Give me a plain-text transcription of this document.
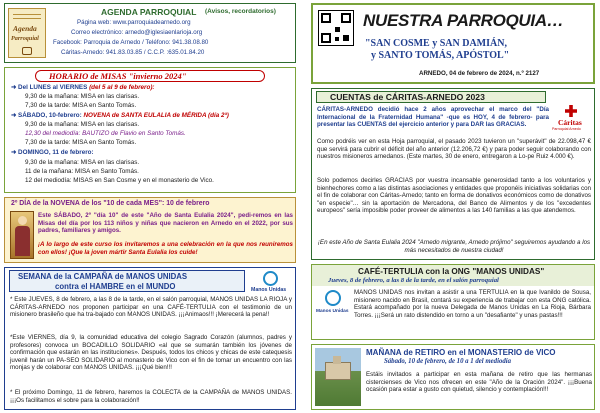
Agenda
Parroquial
AGENDA PARROQUIAL (Avisos, recordatorios)
Página web: www.parroquiadearnedo.org
Correo electrónico: arnedo@iglesiaenlarioja.org
Facebook: Parroquia de Arnedo / Teléfono: 941.38.08.80
Cáritas-Arnedo: 941.83.03.85 / C.C.P. :635.01.84.20
HORARIO de MISAS "invierno 2024"
➜ Del LUNES al VIERNES (del 5 al 9 de febrero):
9,30 de la mañana: MISA en las clarisas.
7,30 de la tarde: MISA en Santo Tomás.
➜ SÁBADO, 10-febrero: NOVENA de SANTA EULALIA de MÉRIDA (día 2ª)
9,30 de la mañana: MISA en las clarisas.
12,30 del mediodía: BAUTIZO de Flavio en Santo Tomás.
7,30 de la tarde: MISA en Santo Tomás.
➜ DOMINGO, 11 de febrero:
9,30 de la mañana: MISA en las clarisas.
11 de la mañana: MISA en Santo Tomás.
12 del mediodía: MISAS en San Cosme y en el monasterio de Vico.
2º DÍA de la NOVENA de los "10 de cada MES": 10 de febrero
Este SÁBADO, 2º "día 10" de este "Año de Santa Eulalia 2024", pedi-remos en las Misas del día por los 113 niños y niñas que nacieron en Arnedo en el 2022, por sus padres, familiares y amigos.
¡A lo largo de este curso los invitaremos a una celebración en la que nos reuniremos con ellos! ¡Que la joven mártir Santa Eulalia los cuide!
SEMANA de la CAMPAÑA de MANOS UNIDAS
contra el HAMBRE en el MUNDO	Manos Unidas
* Este JUEVES, 8 de febrero, a las 8 de la tarde, en el salón parroquial, MANOS UNIDAS LA RIOJA y CÁRITAS-ARNEDO nos proponen participar en una CAFÉ-TERTULIA con el testimonio de un misionero brasileño que ha tra-bajado con MANOS UNIDAS. ¡¡¡Animaos!!! ¡Merecerá la pena!!
*Este VIERNES, día 9, la comunidad educativa del colegio Sagrado Corazón (alumnos, padres y profesores) convoca un BOCADILLO SOLIDARIO «al que se sumarán también los jóvenes de confirmación que estarán en las instituciones». Después, todos los chicos y chicas de este catequesis juvenil harán un PA-SEO SOLIDARIO al monasterio de Vico con el fin de tomar un encuentro con las monjas y de colaborar con MANOS UNIDAS. ¡¡¡Qué bien!!!
* El próximo Domingo, 11 de febrero, haremos la COLECTA de la CAMPAÑA de MANOS UNIDAS. ¡¡¡Os facilitamos el sobre para la colaboración!!
NUESTRA PARROQUIA…
"SAN COSME y SAN DAMIÁN,
y SANTO TOMÁS, APÓSTOL"
ARNEDO, 04 de febrero de 2024, n.º 2127
CUENTAS de CÁRITAS-ARNEDO 2023
Cáritas
Parroquial Arnedo
CÁRITAS-ARNEDO decidió hace 2 años aprovechar el marco del "Día Internacional de la Fraternidad Humana" -que es HOY, 4 de febrero- para presentar las CUENTAS del ejercicio anterior y para DAR las GRACIAS.
Como podréis ver en esta Hoja parroquial, el pasado 2023 tuvieron un "superávit" de 22.098,47 € que servirá para cubrir el déficit del año anterior (12.206,72 €) y para poder seguir colaborando con nuestros misioneros arnedanos. (Este martes, 30 de enero, entregaron a Lo-pe Ruiz 4.000 €).
Solo podemos decirles GRACIAS por vuestra incansable generosidad tanto a los voluntarios y bienhechores como a las distintas asociaciones y entidades que proponéis iniciativas solidarias con el fin de colaborar con Cáritas-Arnedo; tanto en forma de donativos económicos como de donativos "en especie"… sin la aportación de Mercadona, del Banco de Alimentos y de los "excedentes europeos" sería imposible poder proveer de alimentos a las 140 familias a las que atendemos.
¡En este Año de Santa Eulalia 2024 "Arnedo migrante, Arnedo prójimo" seguiremos ayudando a los más necesitados de nuestra ciudad!
CAFÉ-TERTULIA con la ONG "MANOS UNIDAS"
Jueves, 8 de febrero, a las 8 de la tarde, en el salón parroquial
Manos Unidas
MANOS UNIDAS nos invitan a asistir a una TERTULIA en la que Ivanildo de Sousa, misionero nacido en Brasil, contará su experiencia de trabajar con esta ONG católica. Estará acompañado por la nueva Delegada de Manos Unidas en La Rioja, Bárbara Torres. ¡¡¡Será un rato distendido en torno a un "desafiante" y unas pastas!!!
MAÑANA de RETIRO en el MONASTERIO de VICO
Sábado, 10 de febrero, de 10 a 1 del mediodía
Estáis invitados a participar en esta mañana de retiro que las hermanas cistercienses de Vico nos ofrecen en este "Año de la Oración 2024". ¡¡¡Buena ocasión para estar a gusto con quietud, silencio y contemplación!!!
